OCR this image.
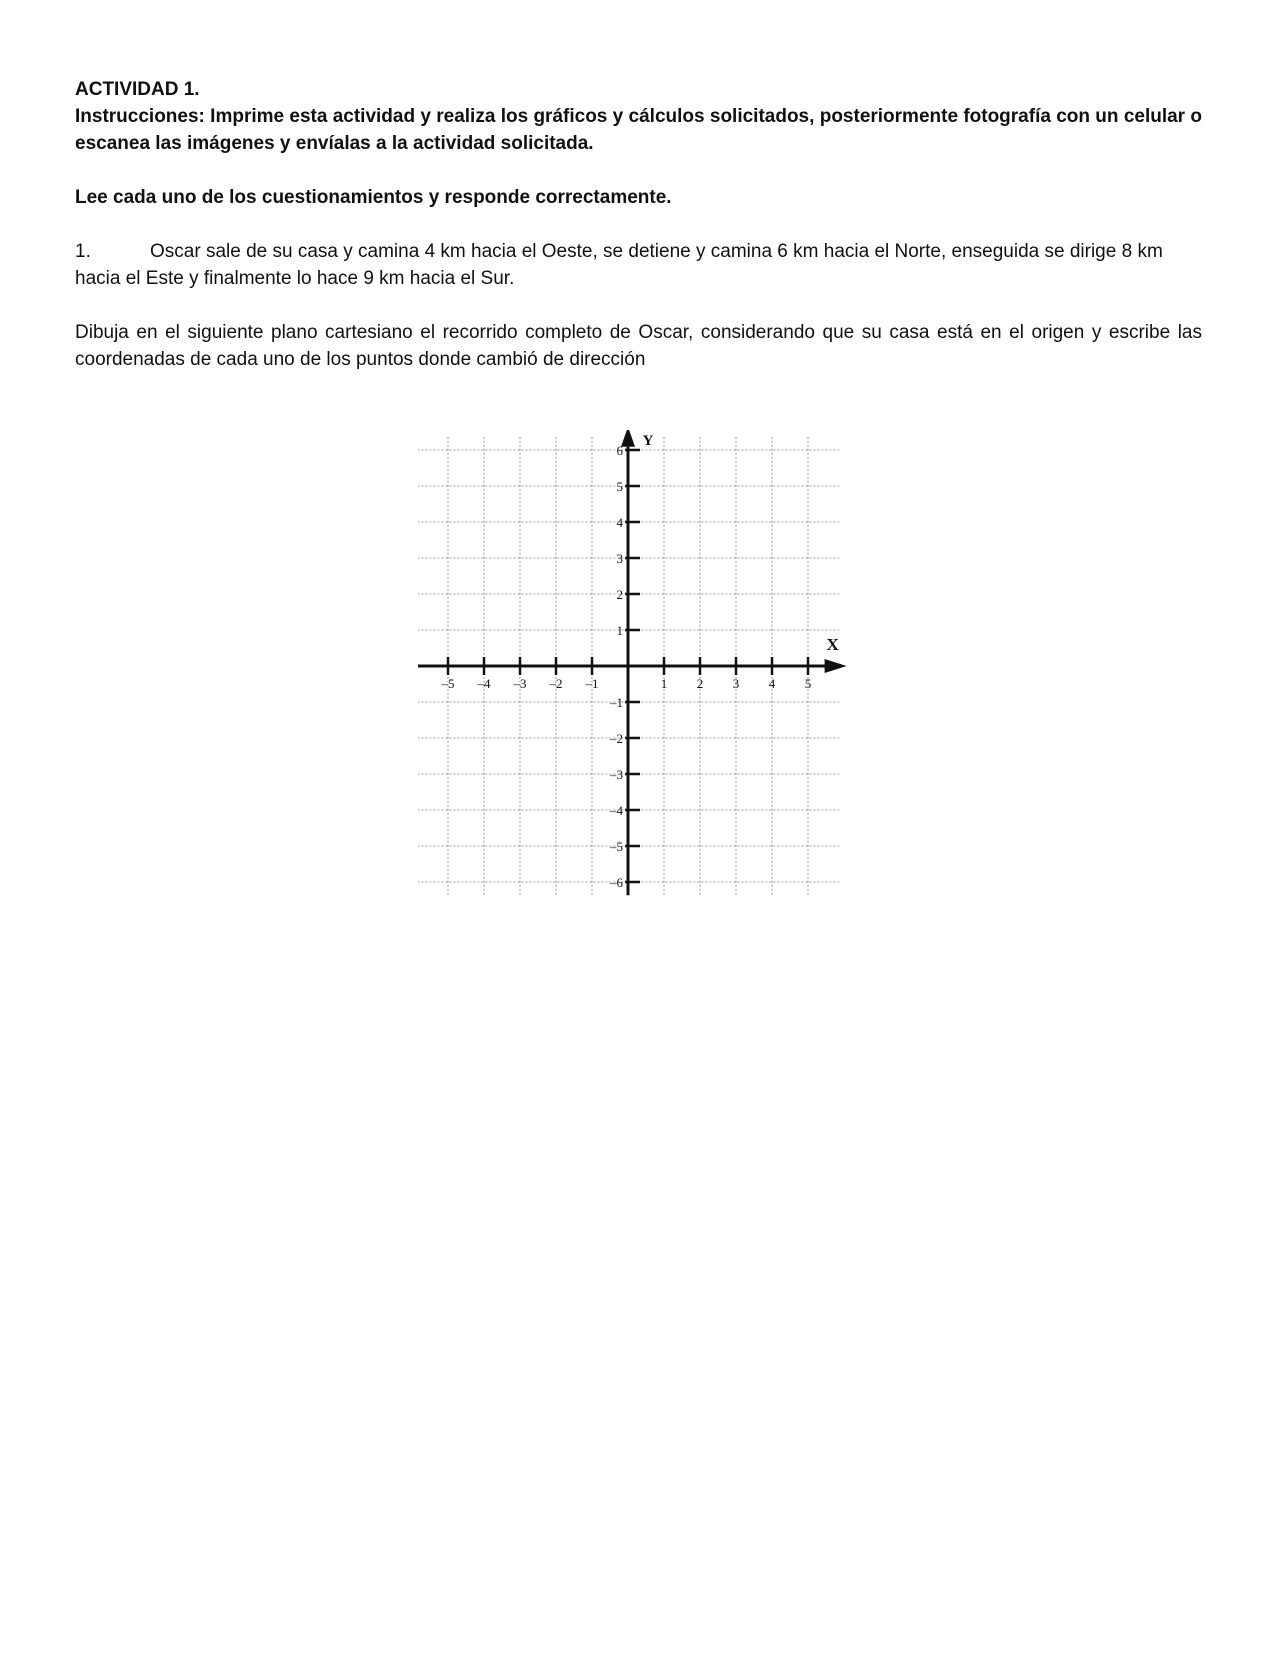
ACTIVIDAD 1.

Instrucciones: Imprime esta actividad y realiza los gráficos y cálculos solicitados, posteriormente fotografía con un celular o escanea las imágenes y envíalas a la actividad solicitada.

Lee cada uno de los cuestionamientos y responde correctamente.

1.	Oscar sale de su casa y camina 4 km hacia el Oeste, se detiene y camina 6 km hacia el Norte, enseguida se dirige 8 km hacia el Este y finalmente lo hace 9 km hacia el Sur.

Dibuja en el siguiente plano cartesiano el recorrido completo de Oscar, considerando que su casa está en el origen y escribe las coordenadas de cada uno de los puntos donde cambió de dirección

X
Y
–5 –4 –3 –2 –1	1 2 3 4 5
6
5
4
3
2
1
–1
–2
–3
–4
–5
–6
